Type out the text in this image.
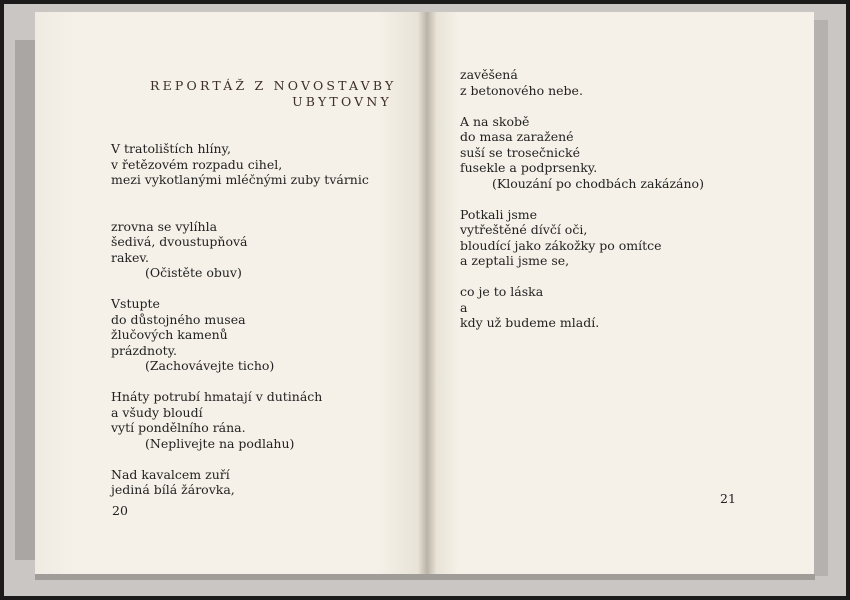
REPORTÁŽ Z NOVOSTAVBY
UBYTOVNY
V tratolištích hlíny,
v řetězovém rozpadu cihel,
mezi vykotlanými mléčnými zuby tvárnic
zrovna se vylíhla
šedivá, dvoustupňová
rakev.
(Očistěte obuv)
Vstupte
do důstojného musea
žlučových kamenů
prázdnoty.
(Zachovávejte ticho)
Hnáty potrubí hmatají v dutinách
a všudy bloudí
vytí pondělního rána.
(Neplivejte na podlahu)
Nad kavalcem zuří
jediná bílá žárovka,
zavěšená
z betonového nebe.
A na skobě
do masa zaražené
suší se trosečnické
fusekle a podprsenky.
(Klouzání po chodbách zakázáno)
Potkali jsme
vytřeštěné dívčí oči,
bloudící jako zákožky po omítce
a zeptali jsme se,
co je to láska
a
kdy už budeme mladí.
20
21
